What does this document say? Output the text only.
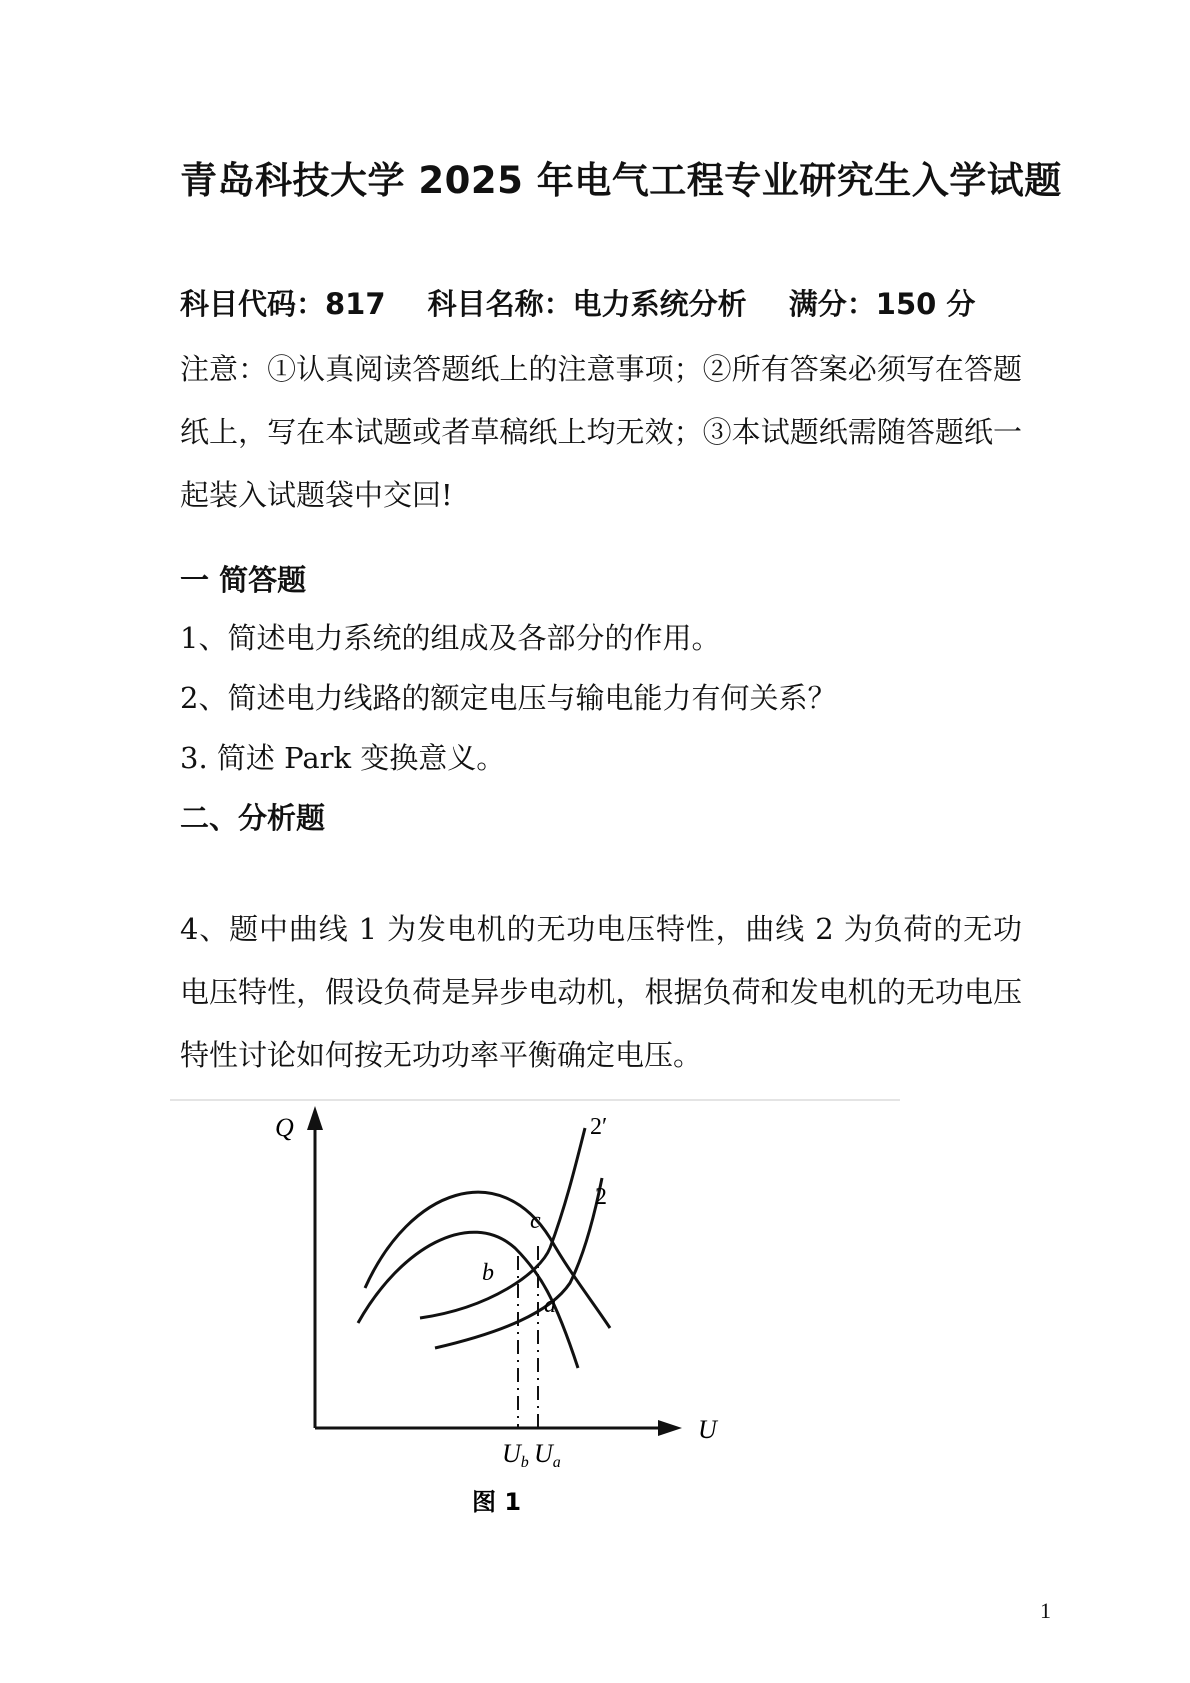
青岛科技大学 2025 年电气工程专业研究生入学试题
科目代码：817 科目名称：电力系统分析 满分：150 分
注意：①认真阅读答题纸上的注意事项；②所有答案必须写在答题纸上，写在本试题或者草稿纸上均无效；③本试题纸需随答题纸一起装入试题袋中交回!
一 简答题
1、简述电力系统的组成及各部分的作用。
2、简述电力线路的额定电压与输电能力有何关系？
3. 简述 Park 变换意义。
二、分析题
4、题中曲线 1 为发电机的无功电压特性，曲线 2 为负荷的无功电压特性，假设负荷是异步电动机，根据负荷和发电机的无功电压特性讨论如何按无功功率平衡确定电压。
Q
U
2′
2
c
b
a
Ub Ua
图 1
1
